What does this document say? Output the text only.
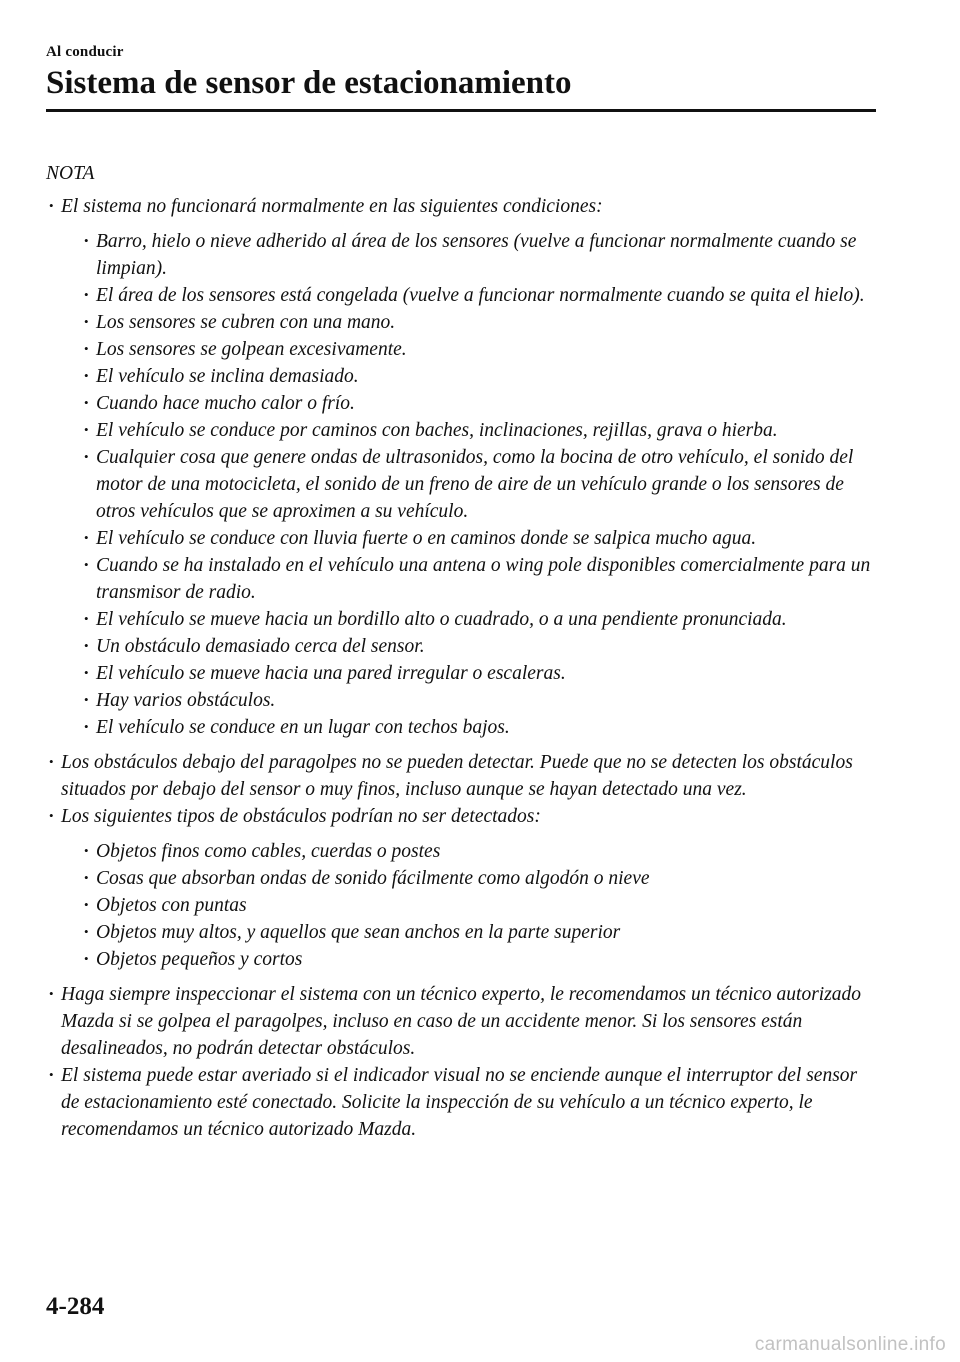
Al conducir
Sistema de sensor de estacionamiento
NOTA
• El sistema no funcionará normalmente en las siguientes condiciones:
• Barro, hielo o nieve adherido al área de los sensores (vuelve a funcionar normalmente cuando se limpian).
• El área de los sensores está congelada (vuelve a funcionar normalmente cuando se quita el hielo).
• Los sensores se cubren con una mano.
• Los sensores se golpean excesivamente.
• El vehículo se inclina demasiado.
• Cuando hace mucho calor o frío.
• El vehículo se conduce por caminos con baches, inclinaciones, rejillas, grava o hierba.
• Cualquier cosa que genere ondas de ultrasonidos, como la bocina de otro vehículo, el sonido del motor de una motocicleta, el sonido de un freno de aire de un vehículo grande o los sensores de otros vehículos que se aproximen a su vehículo.
• El vehículo se conduce con lluvia fuerte o en caminos donde se salpica mucho agua.
• Cuando se ha instalado en el vehículo una antena o wing pole disponibles comercialmente para un transmisor de radio.
• El vehículo se mueve hacia un bordillo alto o cuadrado, o a una pendiente pronunciada.
• Un obstáculo demasiado cerca del sensor.
• El vehículo se mueve hacia una pared irregular o escaleras.
• Hay varios obstáculos.
• El vehículo se conduce en un lugar con techos bajos.
• Los obstáculos debajo del paragolpes no se pueden detectar. Puede que no se detecten los obstáculos situados por debajo del sensor o muy finos, incluso aunque se hayan detectado una vez.
• Los siguientes tipos de obstáculos podrían no ser detectados:
• Objetos finos como cables, cuerdas o postes
• Cosas que absorban ondas de sonido fácilmente como algodón o nieve
• Objetos con puntas
• Objetos muy altos, y aquellos que sean anchos en la parte superior
• Objetos pequeños y cortos
• Haga siempre inspeccionar el sistema con un técnico experto, le recomendamos un técnico autorizado Mazda si se golpea el paragolpes, incluso en caso de un accidente menor. Si los sensores están desalineados, no podrán detectar obstáculos.
• El sistema puede estar averiado si el indicador visual no se enciende aunque el interruptor del sensor de estacionamiento esté conectado. Solicite la inspección de su vehículo a un técnico experto, le recomendamos un técnico autorizado Mazda.
4-284
carmanualsonline.info
